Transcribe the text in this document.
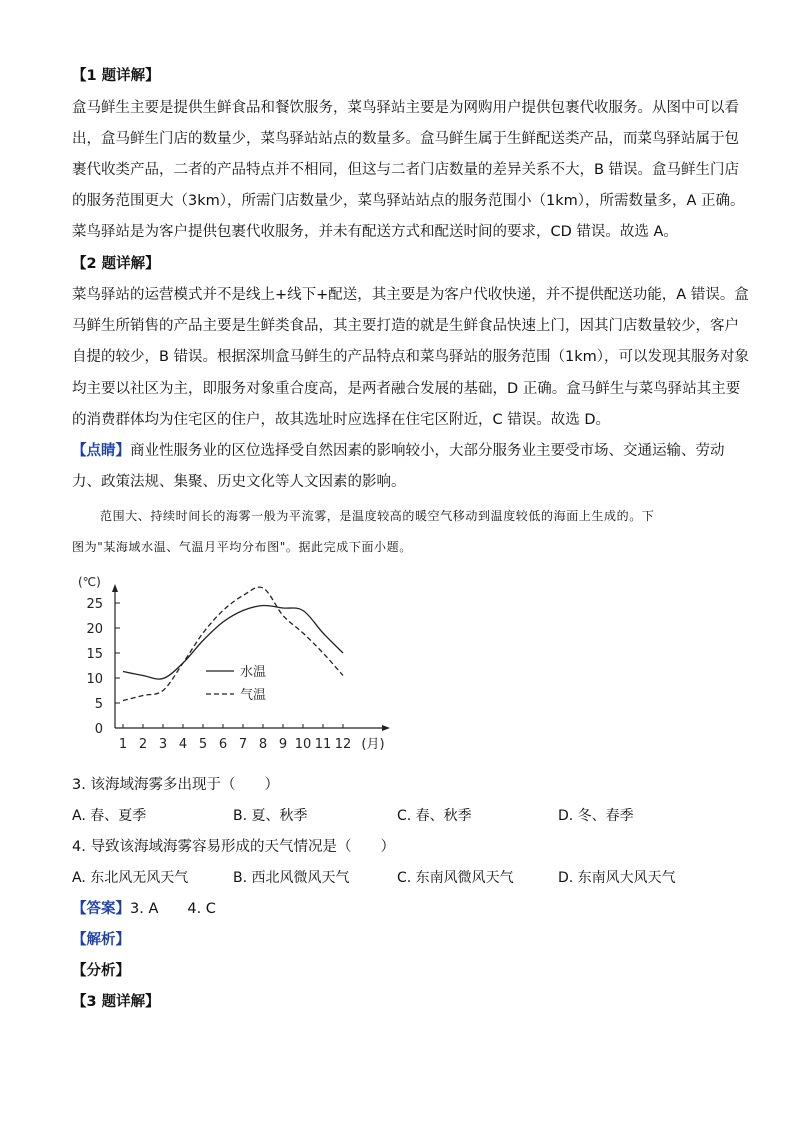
【1 题详解】
盒马鲜生主要是提供生鲜食品和餐饮服务，菜鸟驿站主要是为网购用户提供包裹代收服务。从图中可以看
出，盒马鲜生门店的数量少，菜鸟驿站站点的数量多。盒马鲜生属于生鲜配送类产品，而菜鸟驿站属于包
裹代收类产品，二者的产品特点并不相同，但这与二者门店数量的差异关系不大，B 错误。盒马鲜生门店
的服务范围更大（3km），所需门店数量少，菜鸟驿站站点的服务范围小（1km），所需数量多，A 正确。
菜鸟驿站是为客户提供包裹代收服务，并未有配送方式和配送时间的要求，CD 错误。故选 A。
【2 题详解】
菜鸟驿站的运营模式并不是线上+线下+配送，其主要是为客户代收快递，并不提供配送功能，A 错误。盒
马鲜生所销售的产品主要是生鲜类食品，其主要打造的就是生鲜食品快速上门，因其门店数量较少，客户
自提的较少，B 错误。根据深圳盒马鲜生的产品特点和菜鸟驿站的服务范围（1km），可以发现其服务对象
均主要以社区为主，即服务对象重合度高，是两者融合发展的基础，D 正确。盒马鲜生与菜鸟驿站其主要
的消费群体均为住宅区的住户，故其选址时应选择在住宅区附近，C 错误。故选 D。
【点睛】商业性服务业的区位选择受自然因素的影响较小，大部分服务业主要受市场、交通运输、劳动
力、政策法规、集聚、历史文化等人文因素的影响。
范围大、持续时间长的海雾一般为平流雾，是温度较高的暖空气移动到温度较低的海面上生成的。下
图为"某海域水温、气温月平均分布图"。据此完成下面小题。
0
5
10
15
20
25
(℃)
1 2 3 4 5 6 7 8 9 10 11 12 (月)
水温
气温
3. 该海域海雾多出现于（　　）
A. 春、夏季	B. 夏、秋季	C. 春、秋季	D. 冬、春季
4. 导致该海域海雾容易形成的天气情况是（　　）
A. 东北风无风天气	B. 西北风微风天气	C. 东南风微风天气	D. 东南风大风天气
【答案】3. A　　4. C
【解析】
【分析】
【3 题详解】
